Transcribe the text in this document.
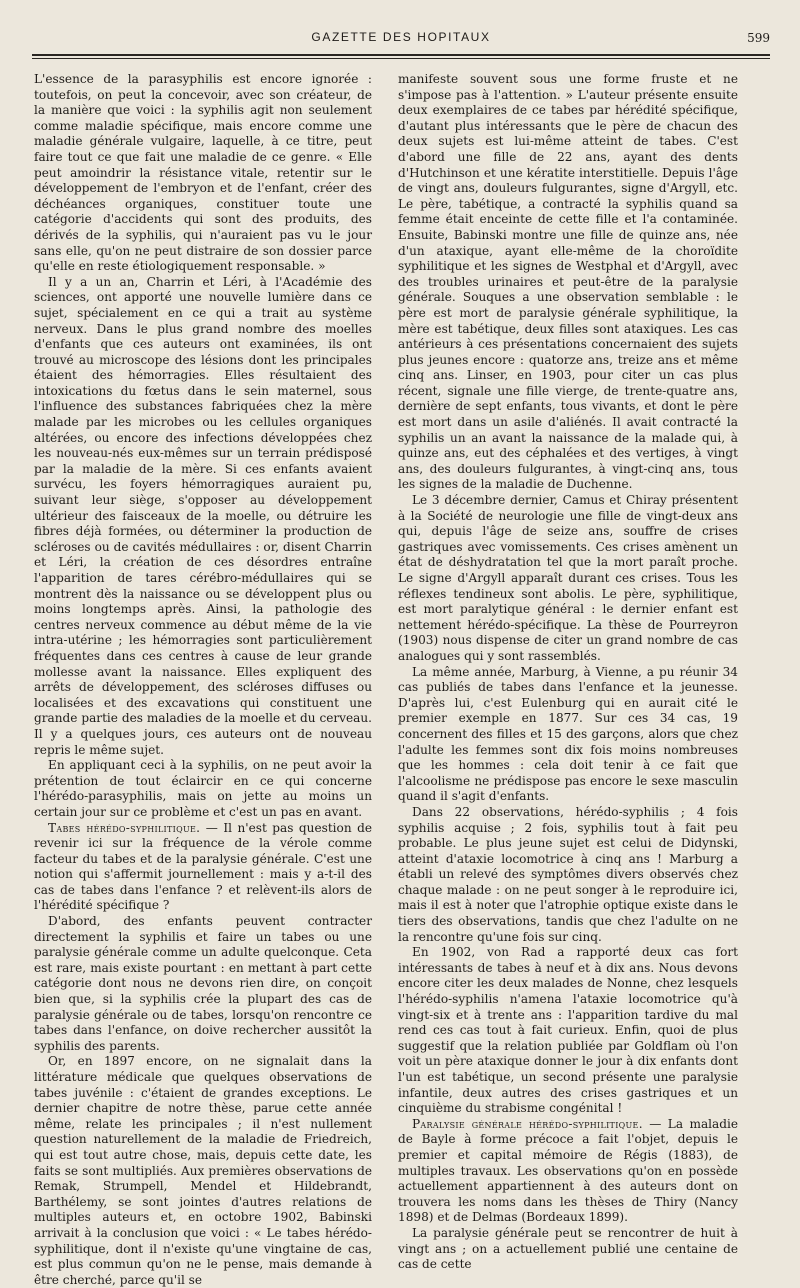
GAZETTE DES HOPITAUX	599

L'essence de la parasyphilis est encore ignorée : toutefois, on peut la concevoir, avec son créateur, de la manière que voici : la syphilis agit non seulement comme maladie spécifique, mais encore comme une maladie générale vulgaire, laquelle, à ce titre, peut faire tout ce que fait une maladie de ce genre. « Elle peut amoindrir la résistance vitale, retentir sur le développement de l'embryon et de l'enfant, créer des déchéances organiques, constituer toute une catégorie d'accidents qui sont des produits, des dérivés de la syphilis, qui n'auraient pas vu le jour sans elle, qu'on ne peut distraire de son dossier parce qu'elle en reste étiologiquement responsable. »

Il y a un an, Charrin et Léri, à l'Académie des sciences, ont apporté une nouvelle lumière dans ce sujet, spécialement en ce qui a trait au système nerveux. Dans le plus grand nombre des moelles d'enfants que ces auteurs ont examinées, ils ont trouvé au microscope des lésions dont les principales étaient des hémorragies. Elles résultaient des intoxications du fœtus dans le sein maternel, sous l'influence des substances fabriquées chez la mère malade par les microbes ou les cellules organiques altérées, ou encore des infections développées chez les nouveau-nés eux-mêmes sur un terrain prédisposé par la maladie de la mère. Si ces enfants avaient survécu, les foyers hémorragiques auraient pu, suivant leur siège, s'opposer au développement ultérieur des faisceaux de la moelle, ou détruire les fibres déjà formées, ou déterminer la production de scléroses ou de cavités médullaires : or, disent Charrin et Léri, la création de ces désordres entraîne l'apparition de tares cérébro-médullaires qui se montrent dès la naissance ou se développent plus ou moins longtemps après. Ainsi, la pathologie des centres nerveux commence au début même de la vie intra-utérine ; les hémorragies sont particulièrement fréquentes dans ces centres à cause de leur grande mollesse avant la naissance. Elles expliquent des arrêts de développement, des scléroses diffuses ou localisées et des excavations qui constituent une grande partie des maladies de la moelle et du cerveau. Il y a quelques jours, ces auteurs ont de nouveau repris le même sujet.

En appliquant ceci à la syphilis, on ne peut avoir la prétention de tout éclaircir en ce qui concerne l'hérédo-parasyphilis, mais on jette au moins un certain jour sur ce problème et c'est un pas en avant.

Tabes hérédo-syphilitique. — Il n'est pas question de revenir ici sur la fréquence de la vérole comme facteur du tabes et de la paralysie générale. C'est une notion qui s'affermit journellement : mais y a-t-il des cas de tabes dans l'enfance ? et relèvent-ils alors de l'hérédité spécifique ?

D'abord, des enfants peuvent contracter directement la syphilis et faire un tabes ou une paralysie générale comme un adulte quelconque. Ceta est rare, mais existe pourtant : en mettant à part cette catégorie dont nous ne devons rien dire, on conçoit bien que, si la syphilis crée la plupart des cas de paralysie générale ou de tabes, lorsqu'on rencontre ce tabes dans l'enfance, on doive rechercher aussitôt la syphilis des parents.

Or, en 1897 encore, on ne signalait dans la littérature médicale que quelques observations de tabes juvénile : c'étaient de grandes exceptions. Le dernier chapitre de notre thèse, parue cette année même, relate les principales ; il n'est nullement question naturellement de la maladie de Friedreich, qui est tout autre chose, mais, depuis cette date, les faits se sont multipliés. Aux premières observations de Remak, Strumpell, Mendel et Hildebrandt, Barthélemy, se sont jointes d'autres relations de multiples auteurs et, en octobre 1902, Babinski arrivait à la conclusion que voici : « Le tabes hérédo-syphilitique, dont il n'existe qu'une vingtaine de cas, est plus commun qu'on ne le pense, mais demande à être cherché, parce qu'il se

manifeste souvent sous une forme fruste et ne s'impose pas à l'attention. » L'auteur présente ensuite deux exemplaires de ce tabes par hérédité spécifique, d'autant plus intéressants que le père de chacun des deux sujets est lui-même atteint de tabes. C'est d'abord une fille de 22 ans, ayant des dents d'Hutchinson et une kératite interstitielle. Depuis l'âge de vingt ans, douleurs fulgurantes, signe d'Argyll, etc. Le père, tabétique, a contracté la syphilis quand sa femme était enceinte de cette fille et l'a contaminée. Ensuite, Babinski montre une fille de quinze ans, née d'un ataxique, ayant elle-même de la choroïdite syphilitique et les signes de Westphal et d'Argyll, avec des troubles urinaires et peut-être de la paralysie générale. Souques a une observation semblable : le père est mort de paralysie générale syphilitique, la mère est tabétique, deux filles sont ataxiques. Les cas antérieurs à ces présentations concernaient des sujets plus jeunes encore : quatorze ans, treize ans et même cinq ans. Linser, en 1903, pour citer un cas plus récent, signale une fille vierge, de trente-quatre ans, dernière de sept enfants, tous vivants, et dont le père est mort dans un asile d'aliénés. Il avait contracté la syphilis un an avant la naissance de la malade qui, à quinze ans, eut des céphalées et des vertiges, à vingt ans, des douleurs fulgurantes, à vingt-cinq ans, tous les signes de la maladie de Duchenne.

Le 3 décembre dernier, Camus et Chiray présentent à la Société de neurologie une fille de vingt-deux ans qui, depuis l'âge de seize ans, souffre de crises gastriques avec vomissements. Ces crises amènent un état de déshydratation tel que la mort paraît proche. Le signe d'Argyll apparaît durant ces crises. Tous les réflexes tendineux sont abolis. Le père, syphilitique, est mort paralytique général : le dernier enfant est nettement hérédo-spécifique. La thèse de Pourreyron (1903) nous dispense de citer un grand nombre de cas analogues qui y sont rassemblés.

La même année, Marburg, à Vienne, a pu réunir 34 cas publiés de tabes dans l'enfance et la jeunesse. D'après lui, c'est Eulenburg qui en aurait cité le premier exemple en 1877. Sur ces 34 cas, 19 concernent des filles et 15 des garçons, alors que chez l'adulte les femmes sont dix fois moins nombreuses que les hommes : cela doit tenir à ce fait que l'alcoolisme ne prédispose pas encore le sexe masculin quand il s'agit d'enfants.

Dans 22 observations, hérédo-syphilis ; 4 fois syphilis acquise ; 2 fois, syphilis tout à fait peu probable. Le plus jeune sujet est celui de Didynski, atteint d'ataxie locomotrice à cinq ans ! Marburg a établi un relevé des symptômes divers observés chez chaque malade : on ne peut songer à le reproduire ici, mais il est à noter que l'atrophie optique existe dans le tiers des observations, tandis que chez l'adulte on ne la rencontre qu'une fois sur cinq.

En 1902, von Rad a rapporté deux cas fort intéressants de tabes à neuf et à dix ans. Nous devons encore citer les deux malades de Nonne, chez lesquels l'hérédo-syphilis n'amena l'ataxie locomotrice qu'à vingt-six et à trente ans : l'apparition tardive du mal rend ces cas tout à fait curieux. Enfin, quoi de plus suggestif que la relation publiée par Goldflam où l'on voit un père ataxique donner le jour à dix enfants dont l'un est tabétique, un second présente une paralysie infantile, deux autres des crises gastriques et un cinquième du strabisme congénital !

Paralysie générale hérédo-syphilitique. — La maladie de Bayle à forme précoce a fait l'objet, depuis le premier et capital mémoire de Régis (1883), de multiples travaux. Les observations qu'on en possède actuellement appartiennent à des auteurs dont on trouvera les noms dans les thèses de Thiry (Nancy 1898) et de Delmas (Bordeaux 1899).

La paralysie générale peut se rencontrer de huit à vingt ans ; on a actuellement publié une centaine de cas de cette
